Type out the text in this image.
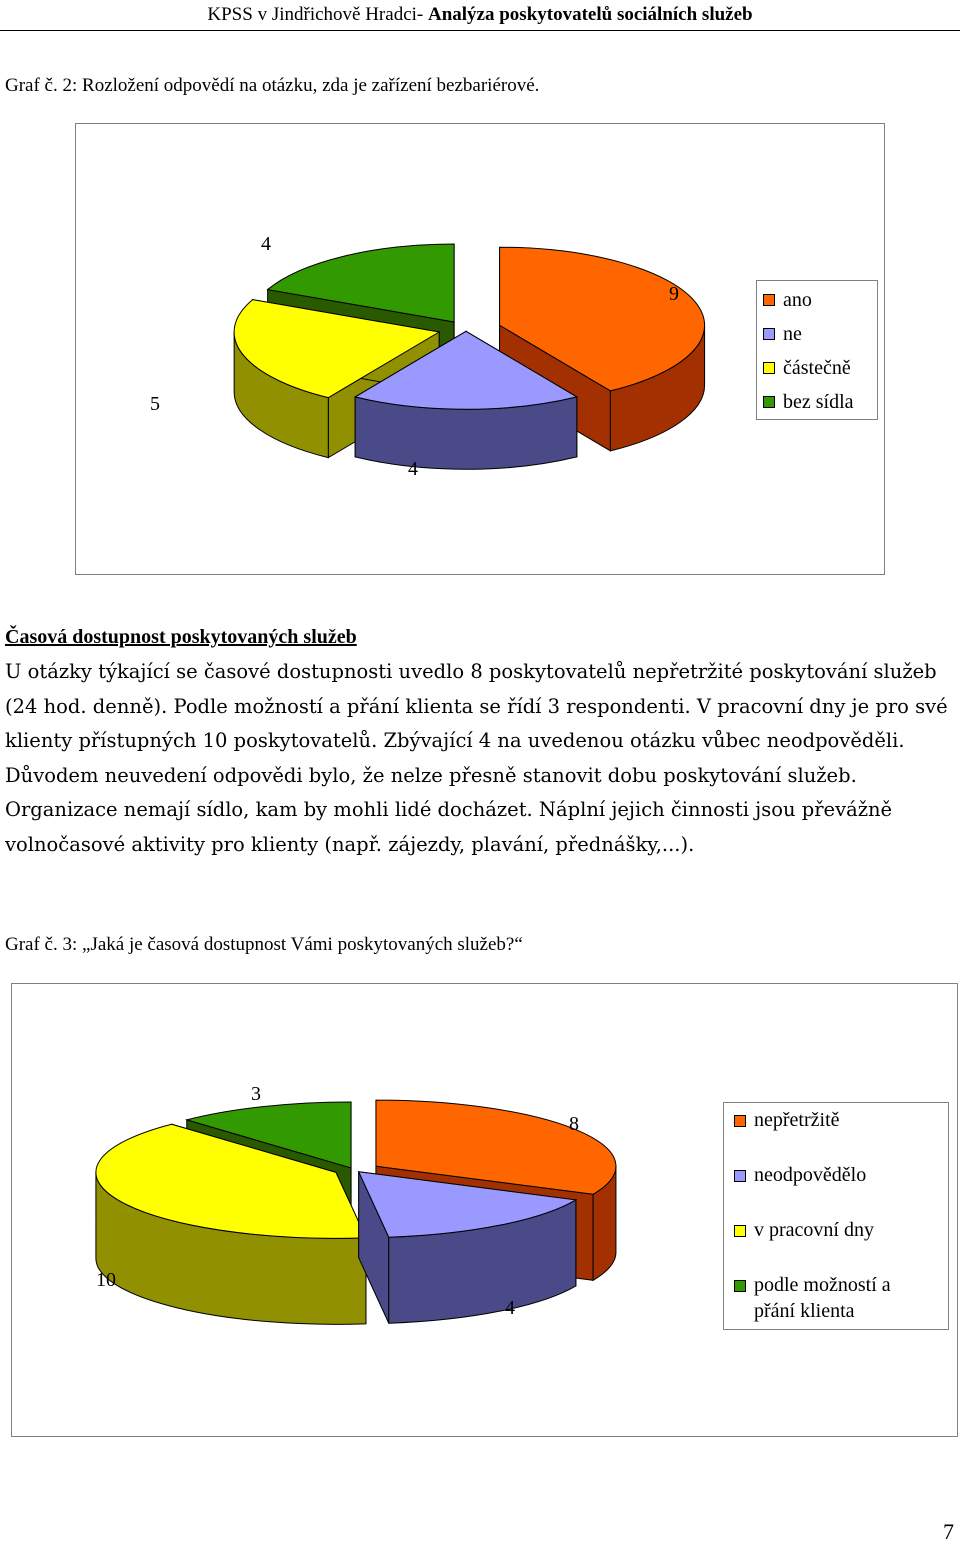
KPSS v Jindřichově Hradci- Analýza poskytovatelů sociálních služeb
Graf č. 2: Rozložení odpovědí na otázku, zda je zařízení bezbariérové.
9
4
5
4
ano
ne
částečně
bez sídla
Časová dostupnost poskytovaných služeb

U otázky týkající se časové dostupnosti uvedlo 8 poskytovatelů nepřetržité poskytování služeb (24 hod. denně). Podle možností a přání klienta se řídí 3 respondenti. V pracovní dny je pro své klienty přístupných 10 poskytovatelů. Zbývající 4 na uvedenou otázku vůbec neodpověděli. Důvodem neuvedení odpovědi bylo, že nelze přesně stanovit dobu poskytování služeb. Organizace nemají sídlo, kam by mohli lidé docházet. Náplní jejich činnosti jsou převážně volnočasové aktivity pro klienty (např. zájezdy, plavání, přednášky,...).

Graf č. 3: „Jaká je časová dostupnost Vámi poskytovaných služeb?“
8
4
10
3
nepřetržitě
neodpovědělo
v pracovní dny
podle možností a přání klienta
7
